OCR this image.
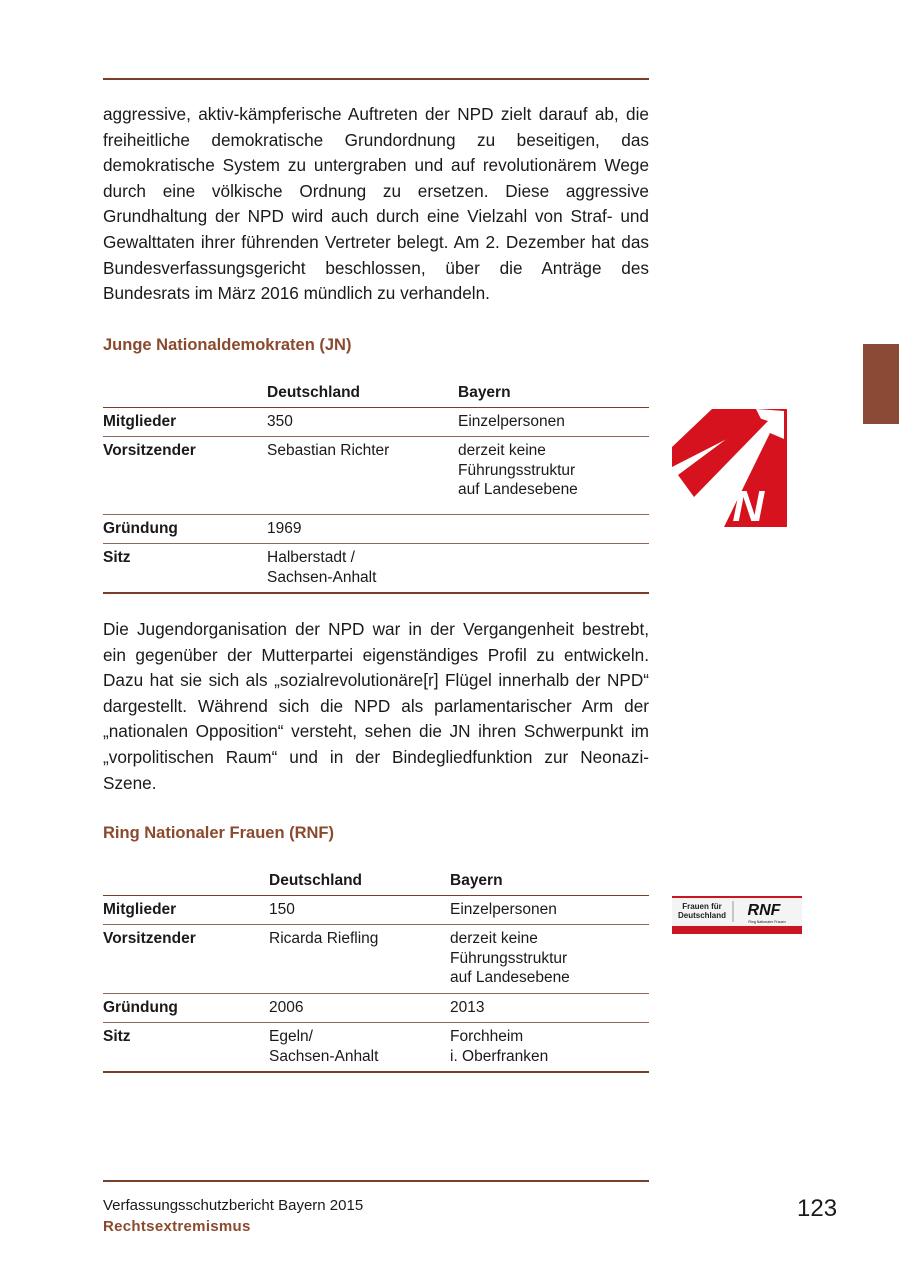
aggressive, aktiv-kämpferische Auftreten der NPD zielt darauf ab, die freiheitliche demokratische Grundordnung zu beseitigen, das demokratische System zu untergraben und auf revolutionärem Wege durch eine völkische Ordnung zu ersetzen. Diese aggressive Grundhaltung der NPD wird auch durch eine Vielzahl von Straf- und Gewalttaten ihrer führenden Vertreter belegt. Am 2. Dezember hat das Bundesverfassungsgericht beschlossen, über die Anträge des Bundesrats im März 2016 mündlich zu verhandeln.

Junge Nationaldemokraten (JN)
	Deutschland	Bayern
Mitglieder	350	Einzelpersonen
Vorsitzender	Sebastian Richter	derzeit keine
Führungsstruktur
auf Landesebene
Gründung	1969	
Sitz	Halberstadt /
Sachsen-Anhalt	
JN

Die Jugendorganisation der NPD war in der Vergangenheit bestrebt, ein gegenüber der Mutterpartei eigenständiges Profil zu entwickeln. Dazu hat sie sich als „sozialrevolutionäre[r] Flügel innerhalb der NPD“ dargestellt. Während sich die NPD als parlamentarischer Arm der „nationalen Opposition“ versteht, sehen die JN ihren Schwerpunkt im „vorpolitischen Raum“ und in der Bindegliedfunktion zur Neonazi-Szene.

Ring Nationaler Frauen (RNF)
	Deutschland	Bayern
Mitglieder	150	Einzelpersonen
Vorsitzender	Ricarda Riefling	derzeit keine
Führungsstruktur
auf Landesebene
Gründung	2006	2013
Sitz	Egeln/
Sachsen-Anhalt	Forchheim
i. Oberfranken
Frauen für
Deutschland RNF
Ring Nationaler Frauen
Verfassungsschutzbericht Bayern 2015
Rechtsextremismus
123
